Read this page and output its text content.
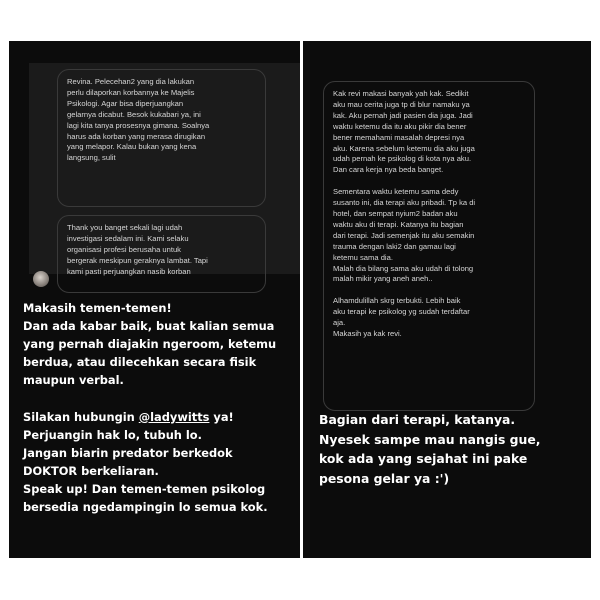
Revina. Pelecehan2 yang dia lakukan
perlu dilaporkan korbannya ke Majelis
Psikologi. Agar bisa diperjuangkan
gelarnya dicabut. Besok kukabari ya, ini
lagi kita tanya prosesnya gimana. Soalnya
harus ada korban yang merasa dirugikan
yang melapor. Kalau bukan yang kena
langsung, sulit
Thank you banget sekali lagi udah
investigasi sedalam ini. Kami selaku
organisasi profesi berusaha untuk
bergerak meskipun geraknya lambat. Tapi
kami pasti perjuangkan nasib korban
Makasih temen-temen!
Dan ada kabar baik, buat kalian semua
yang pernah diajakin ngeroom, ketemu
berdua, atau dilecehkan secara fisik
maupun verbal.

Silakan hubungin @ladywitts ya!
Perjuangin hak lo, tubuh lo.
Jangan biarin predator berkedok
DOKTOR berkeliaran.
Speak up! Dan temen-temen psikolog
bersedia ngedampingin lo semua kok.
Kak revi makasi banyak yah kak. Sedikit
aku mau cerita juga tp di blur namaku ya
kak. Aku pernah jadi pasien dia juga. Jadi
waktu ketemu dia itu aku pikir dia bener
bener memahami masalah depresi nya
aku. Karena sebelum ketemu dia aku juga
udah pernah ke psikolog di kota nya aku.
Dan cara kerja nya beda banget.

Sementara waktu ketemu sama dedy
susanto ini, dia terapi aku pribadi. Tp ka di
hotel, dan sempat nyium2 badan aku
waktu aku di terapi. Katanya itu bagian
dari terapi. Jadi semenjak itu aku semakin
trauma dengan laki2 dan gamau lagi
ketemu sama dia.
Malah dia bilang sama aku udah di tolong
malah mikir yang aneh aneh..

Alhamdulillah skrg terbukti. Lebih baik
aku terapi ke psikolog yg sudah terdaftar
aja.
Makasih ya kak revi.
Bagian dari terapi, katanya.
Nyesek sampe mau nangis gue,
kok ada yang sejahat ini pake
pesona gelar ya :')
